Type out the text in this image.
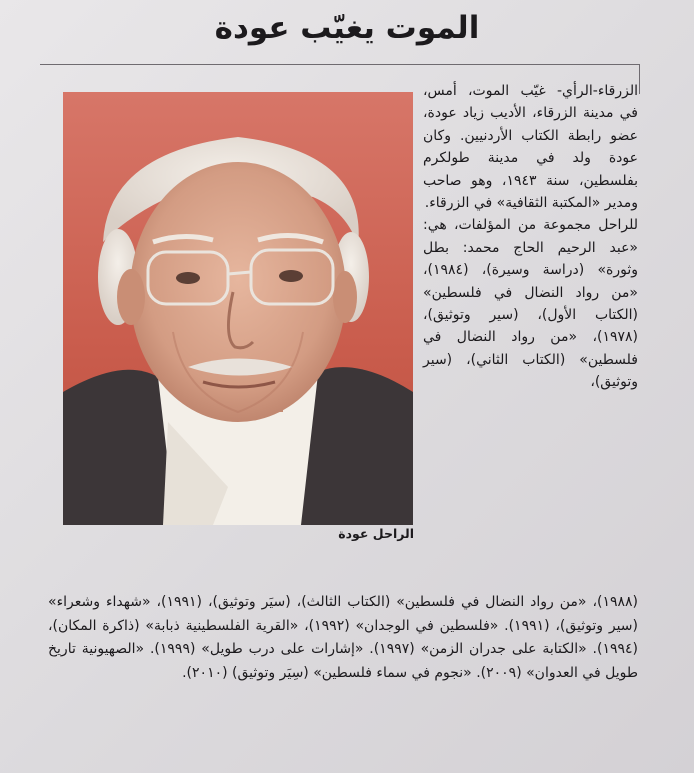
الموت يغيّب عودة
الراحل عودة

الزرقاء-الرأي- غيّب الموت، أمس، في مدينة الزرقاء، الأديب زياد عودة، عضو رابطة الكتاب الأردنيين. وكان عودة ولد في مدينة طولكرم بفلسطين، سنة ١٩٤٣، وهو صاحب ومدير «المكتبة الثقافية» في الزرقاء.

للراحل مجموعة من المؤلفات، هي: «عبد الرحيم الحاج محمد: بطل وثورة» (دراسة وسيرة)، (١٩٨٤)، «من رواد النضال في فلسطين» (الكتاب الأول)، (سير وتوثيق)، (١٩٧٨)، «من رواد النضال في فلسطين» (الكتاب الثاني)، (سير وتوثيق)،

(١٩٨٨)، «من رواد النضال في فلسطين» (الكتاب الثالث)، (سيَر وتوثيق)، (١٩٩١)، «شهداء وشعراء» (سير وتوثيق)، (١٩٩١). «فلسطين في الوجدان» (١٩٩٢)، «القرية الفلسطينية ذبابة» (ذاكرة المكان)، (١٩٩٤). «الكتابة على جدران الزمن» (١٩٩٧). «إشارات على درب طويل» (١٩٩٩). «الصهيونية تاريخ طويل في العدوان» (٢٠٠٩). «نجوم في سماء فلسطين» (سِيَر وتوثيق) (٢٠١٠).
